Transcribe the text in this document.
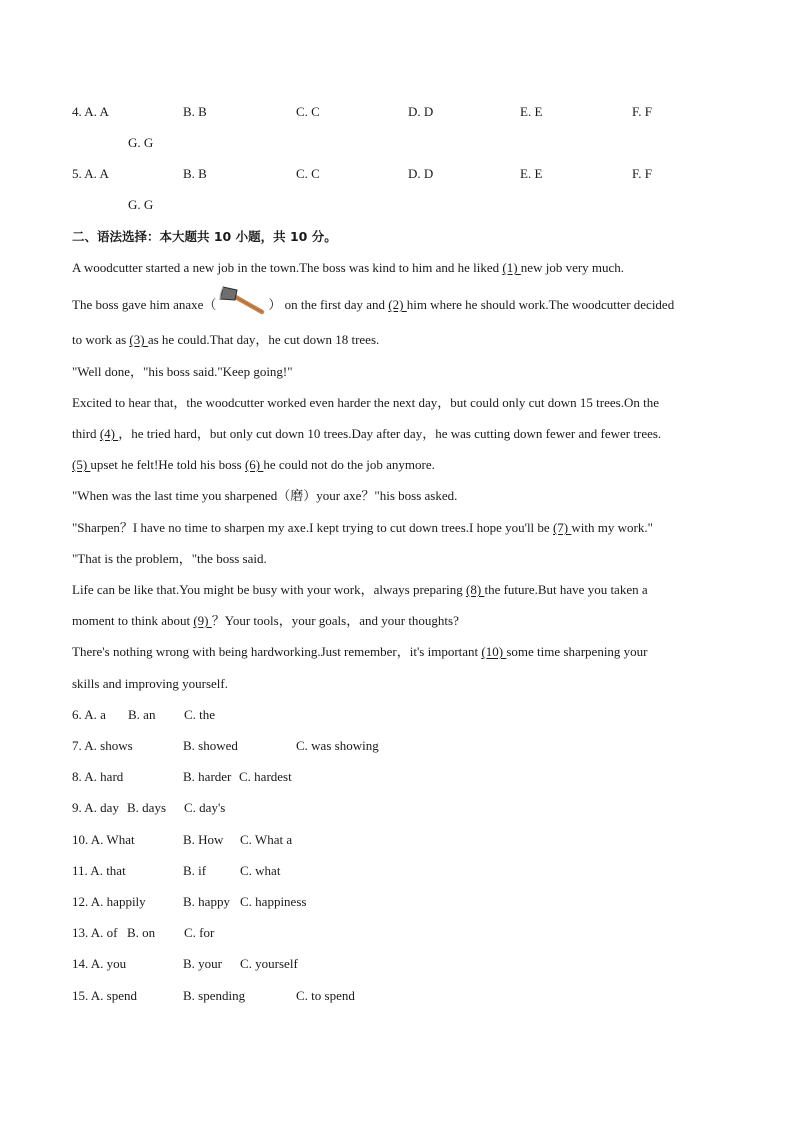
4. A. A	B. B	C. C	D. D	E. E	F. F
G. G
5. A. A	B. B	C. C	D. D	E. E	F. F
G. G
二、语法选择：本大题共 10 小题，共 10 分。
A woodcutter started a new job in the town.The boss was kind to him and he liked (1) new job very much.
The boss gave him anaxe（	） on the first day and (2) him where he should work.The woodcutter decided
to work as (3) as he could.That day，he cut down 18 trees.
"Well done，"his boss said."Keep going!"
Excited to hear that，the woodcutter worked even harder the next day，but could only cut down 15 trees.On the
third (4) ，he tried hard，but only cut down 10 trees.Day after day，he was cutting down fewer and fewer trees.
(5) upset he felt!He told his boss (6) he could not do the job anymore.
"When was the last time you sharpened（磨）your axe？"his boss asked.
"Sharpen？I have no time to sharpen my axe.I kept trying to cut down trees.I hope you'll be (7) with my work."
"That is the problem，"the boss said.
Life can be like that.You might be busy with your work，always preparing (8) the future.But have you taken a
moment to think about (9) ？Your tools，your goals，and your thoughts?
There's nothing wrong with being hardworking.Just remember，it's important (10) some time sharpening your
skills and improving yourself.
6. A. a B. an C. the
7. A. shows	B. showed	C. was showing
8. A. hard	B. harder C. hardest
9. A. day B. days C. day's
10. A. What	B. How C. What a
11. A. that	B. if	C. what
12. A. happily	B. happy C. happiness
13. A. of B. on C. for
14. A. you	B. your C. yourself
15. A. spend	B. spending	C. to spend
